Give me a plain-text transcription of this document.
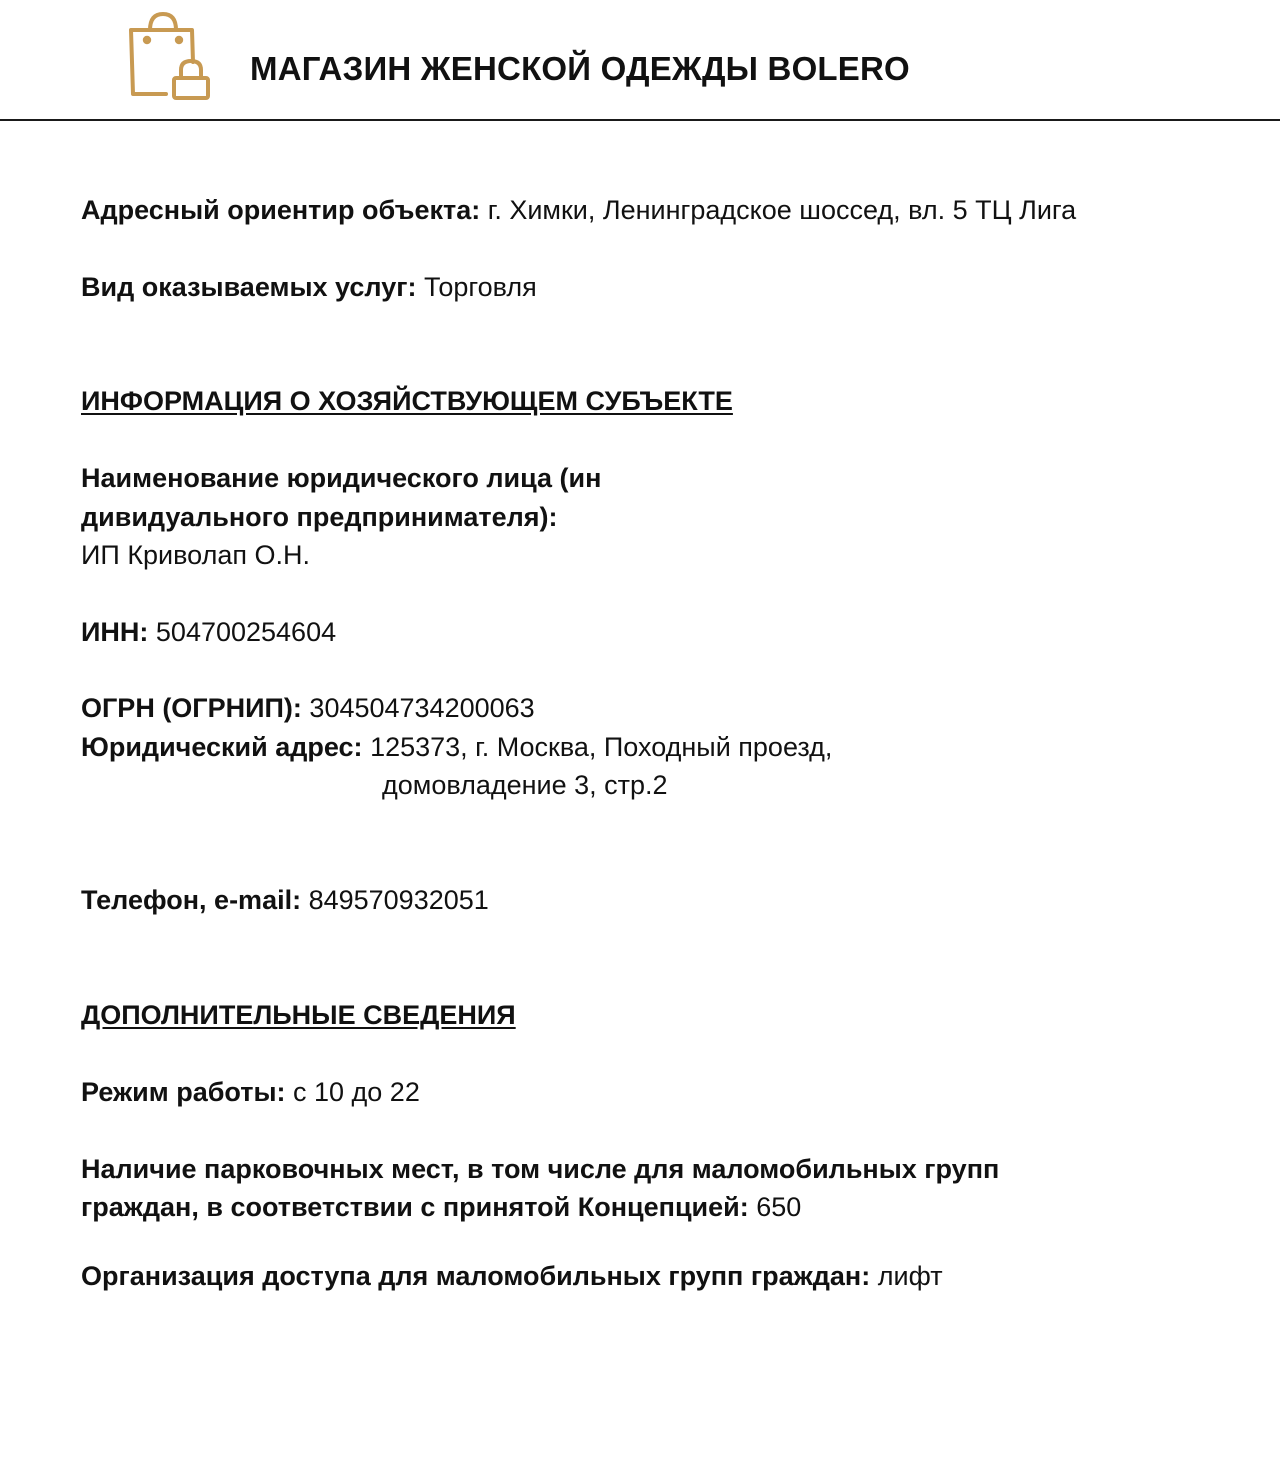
МАГАЗИН ЖЕНСКОЙ ОДЕЖДЫ BOLERO
Адресный ориентир объекта: г. Химки, Ленинградское шоссед, вл. 5 ТЦ Лига
Вид оказываемых услуг: Торговля
ИНФОРМАЦИЯ О ХОЗЯЙСТВУЮЩЕМ СУБЪЕКТЕ
Наименование юридического лица (ин
дивидуального предпринимателя):
ИП Криволап О.Н.
ИНН: 504700254604
ОГРН (ОГРНИП): 304504734200063
Юридический адрес: 125373, г. Москва, Походный проезд,
домовладение 3, стр.2
Телефон, e-mail: 849570932051
ДОПОЛНИТЕЛЬНЫЕ СВЕДЕНИЯ
Режим работы: с 10 до 22
Наличие парковочных мест, в том числе для маломобильных групп
граждан, в соответствии с принятой Концепцией: 650
Организация доступа для маломобильных групп граждан: лифт
